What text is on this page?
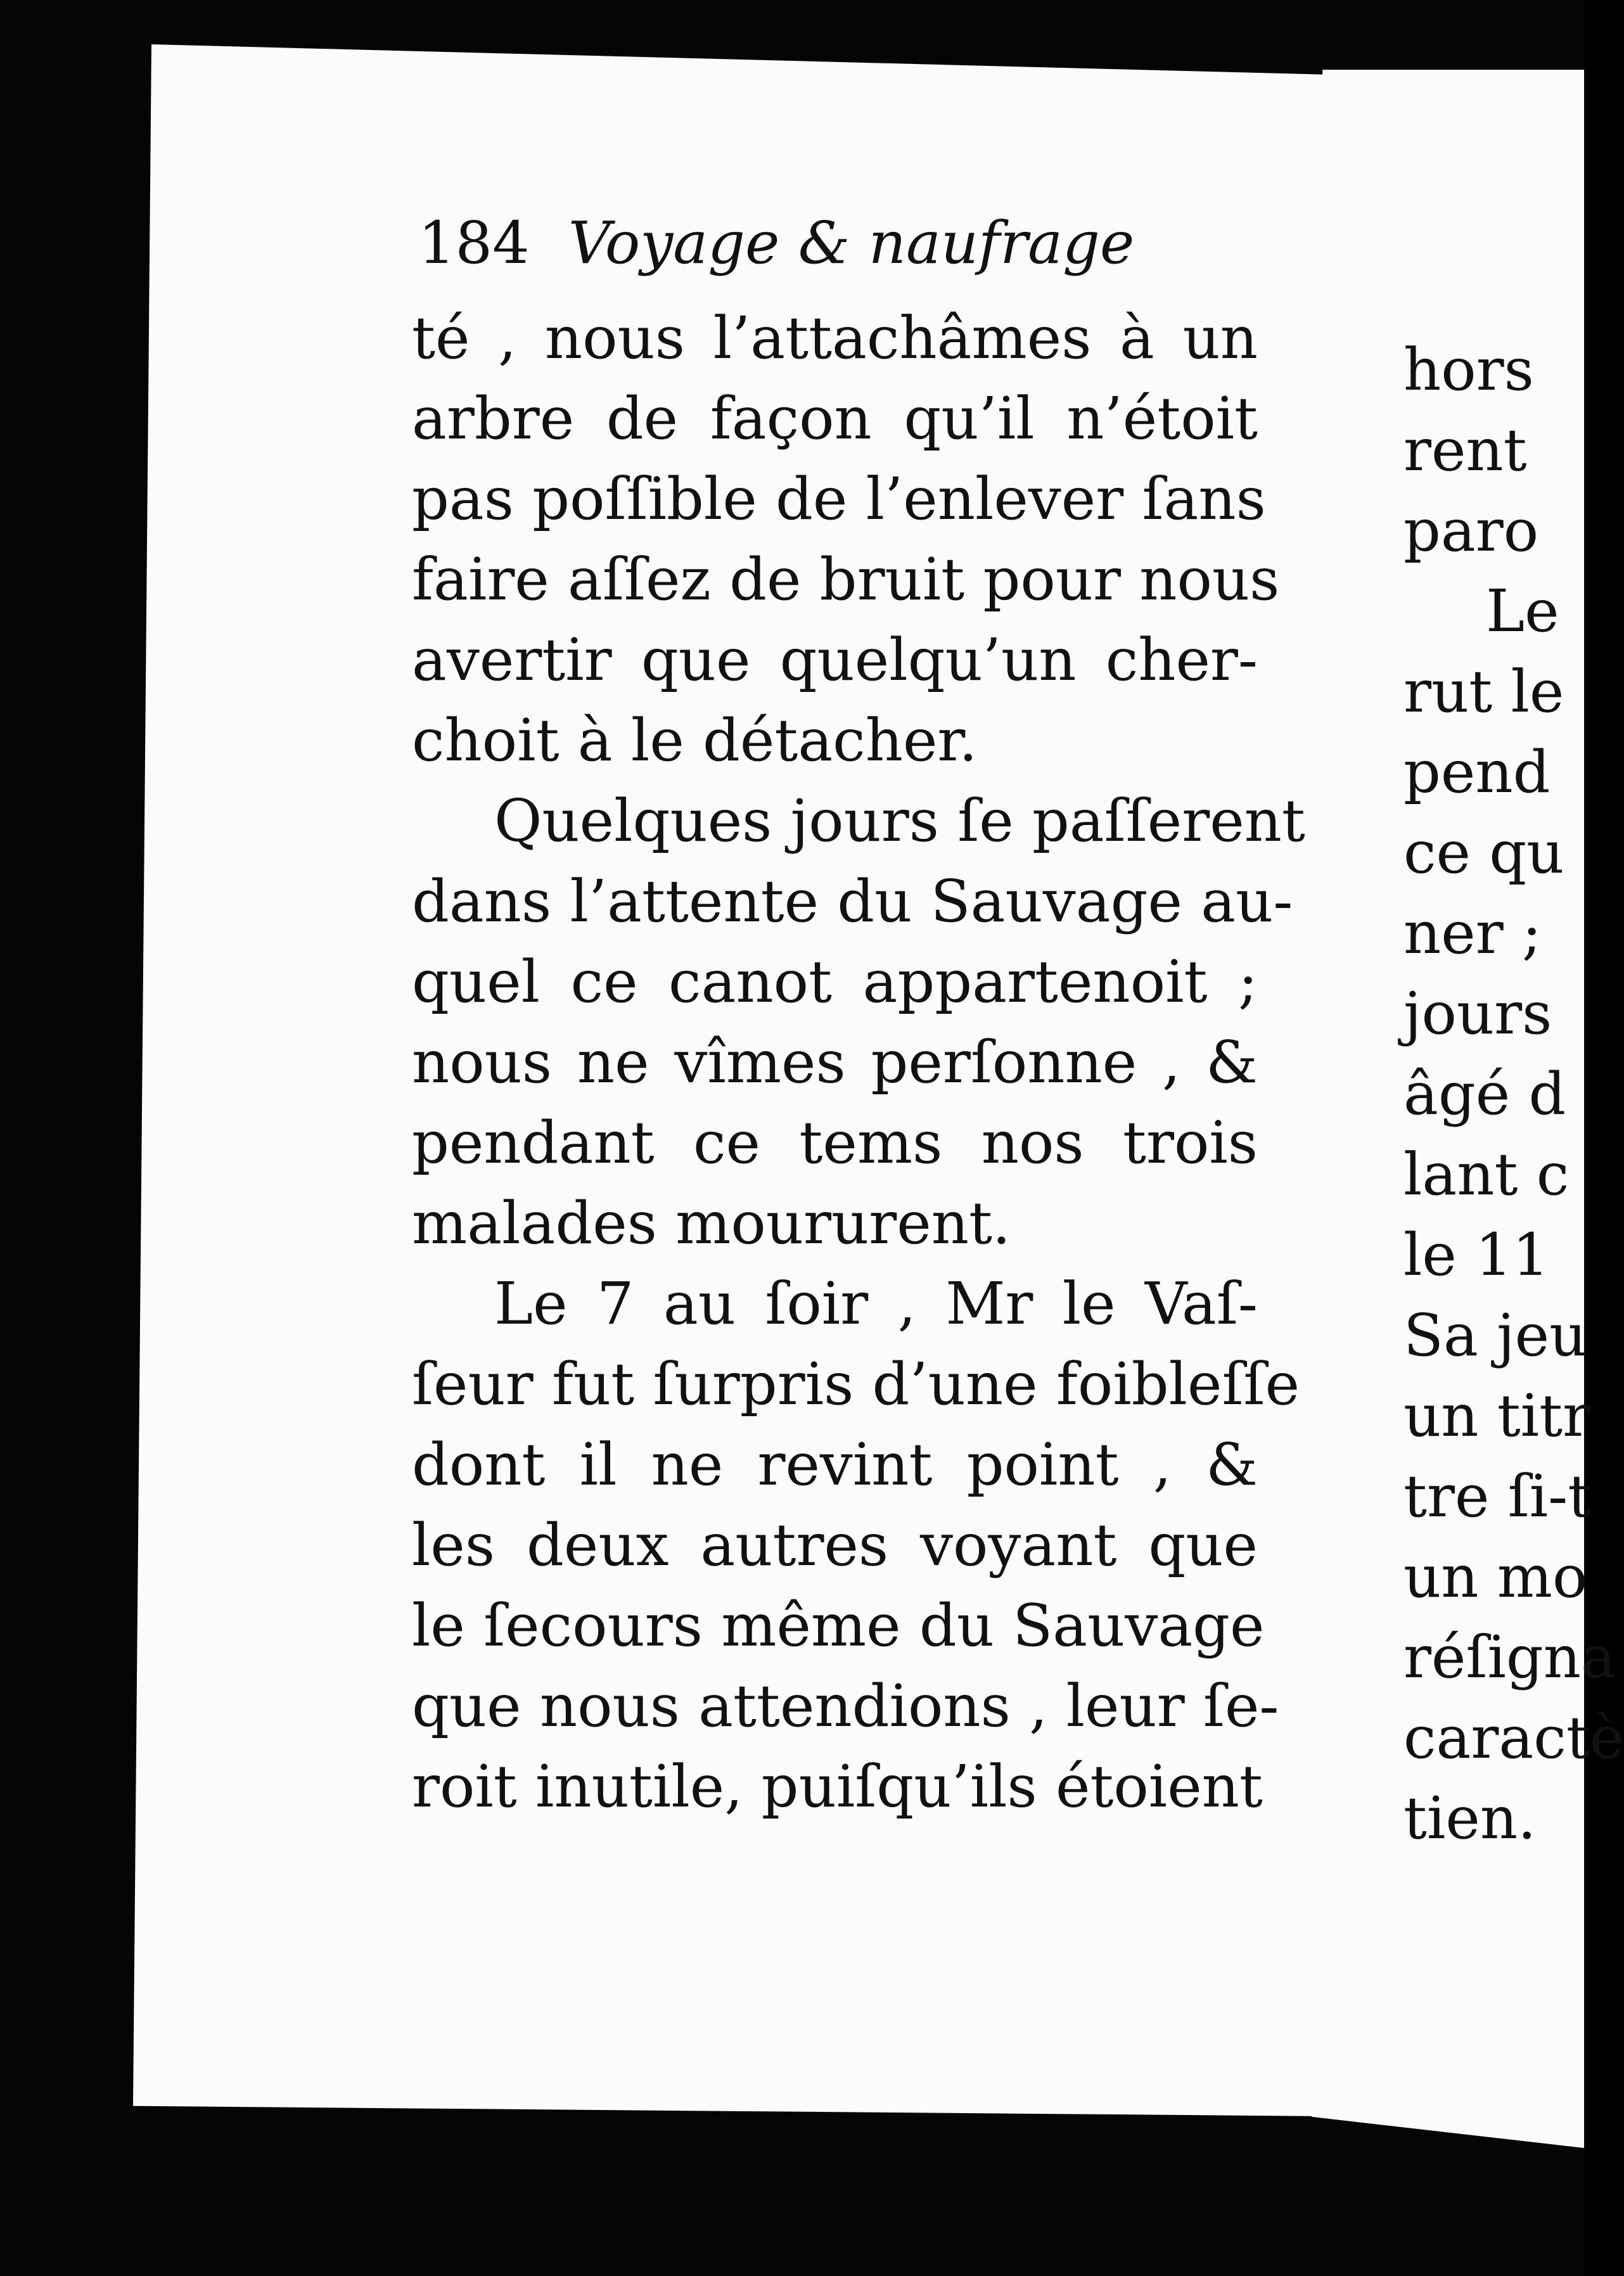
184 Voyage & naufrage
té , nous l’attachâmes à un
arbre de façon qu’il n’étoit
pas poſſible de l’enlever ſans
faire aſſez de bruit pour nous
avertir que quelqu’un cher-
choit à le détacher.
Quelques jours ſe paſſerent
dans l’attente du Sauvage au-
quel ce canot appartenoit ;
nous ne vîmes perſonne , &
pendant ce tems nos trois
malades moururent.
Le 7 au ſoir , Mr le Vaſ-
ſeur fut ſurpris d’une foibleſſe
dont il ne revint point , &
les deux autres voyant que
le ſecours même du Sauvage
que nous attendions , leur ſe-
roit inutile, puiſqu’ils étoient
hors
rent
paro
Le
rut le
pend
ce qu
ner ;
jours
âgé d
lant c
le 11
Sa jeu
un titr
tre ſi-t
un mo
réſigna
caractè
tien.
